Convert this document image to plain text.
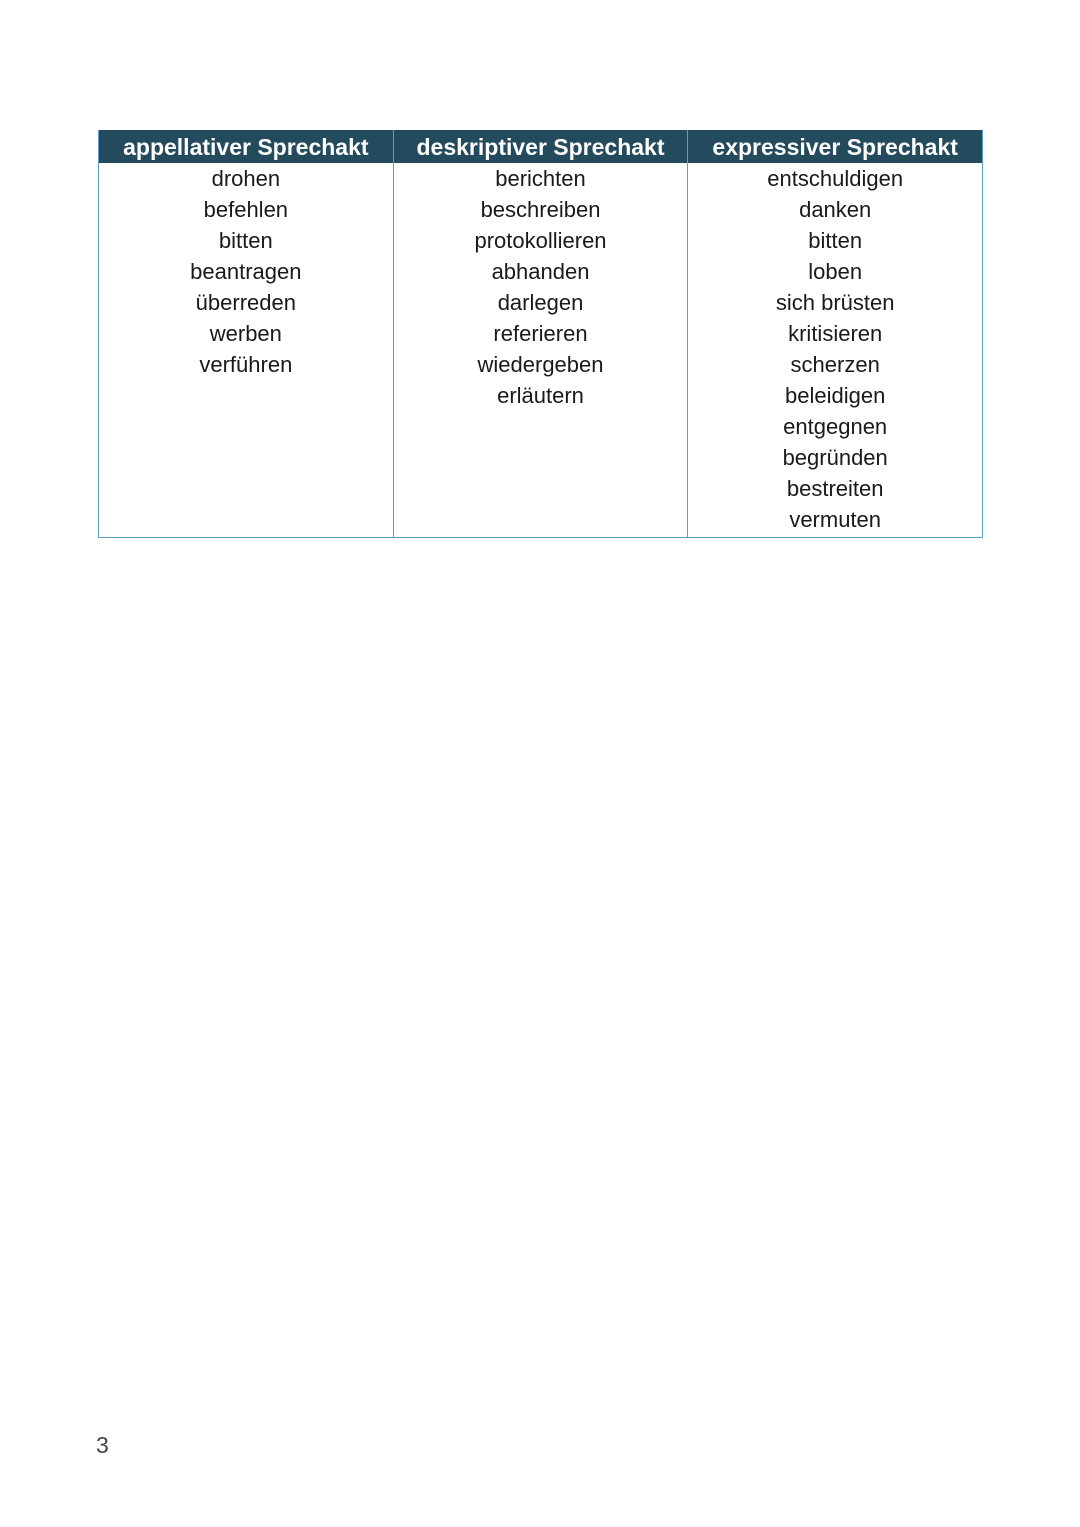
appellativer Sprechakt
drohen
befehlen
bitten
beantragen
überreden
werben
verführen
deskriptiver Sprechakt
berichten
beschreiben
protokollieren
abhanden
darlegen
referieren
wiedergeben
erläutern
expressiver Sprechakt
entschuldigen
danken
bitten
loben
sich brüsten
kritisieren
scherzen
beleidigen
entgegnen
begründen
bestreiten
vermuten
3
